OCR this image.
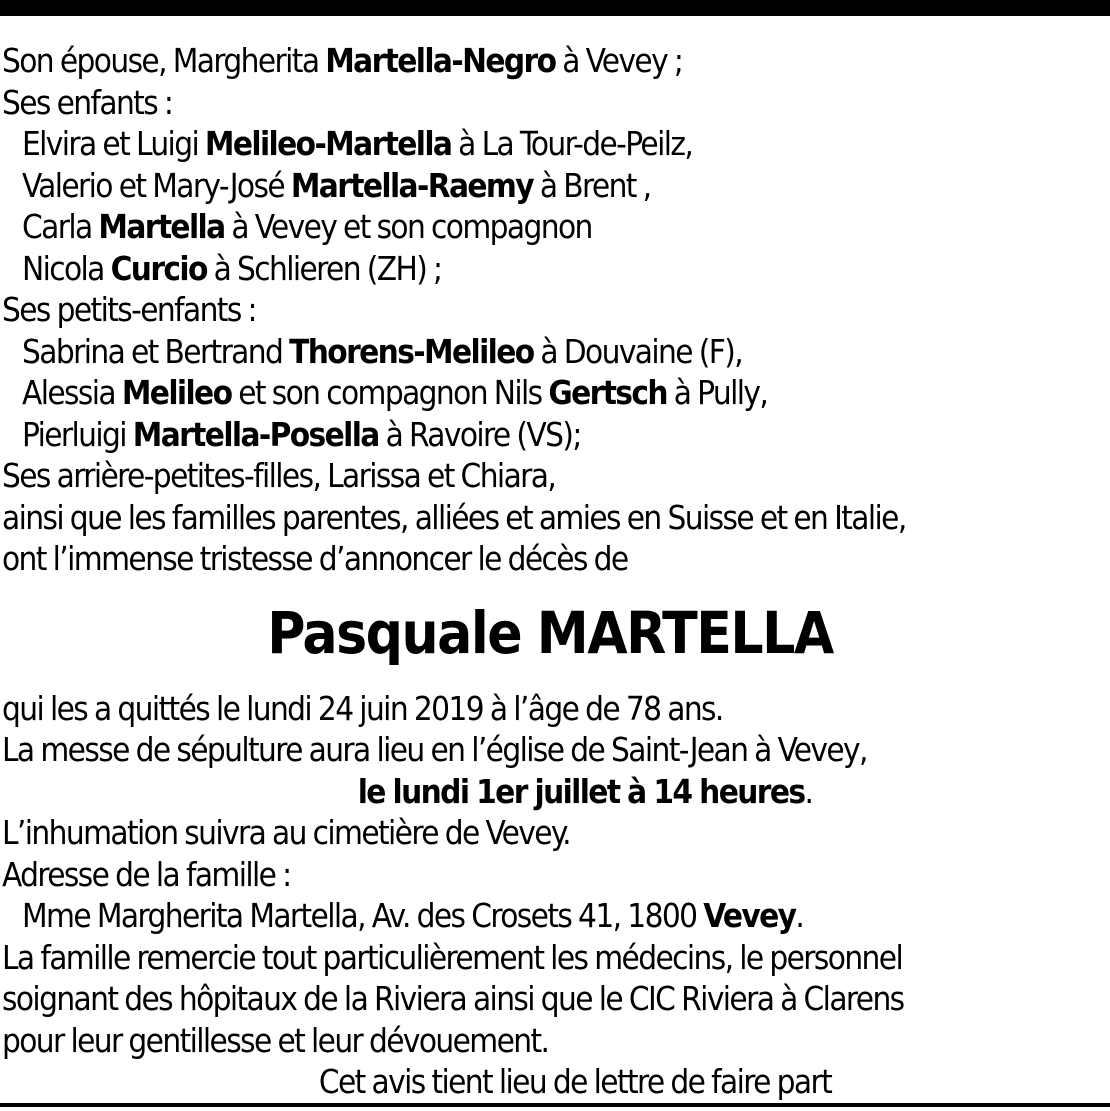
Son épouse, Margherita Martella-Negro à Vevey ;
Ses enfants :
Elvira et Luigi Melileo-Martella à La Tour-de-Peilz,
Valerio et Mary-José Martella-Raemy à Brent ,
Carla Martella à Vevey et son compagnon
Nicola Curcio à Schlieren (ZH) ;
Ses petits-enfants :
Sabrina et Bertrand Thorens-Melileo à Douvaine (F),
Alessia Melileo et son compagnon Nils Gertsch à Pully,
Pierluigi Martella-Posella à Ravoire (VS);
Ses arrière-petites-filles, Larissa et Chiara,
ainsi que les familles parentes, alliées et amies en Suisse et en Italie,
ont l’immense tristesse d’annoncer le décès de
Pasquale MARTELLA
qui les a quittés le lundi 24 juin 2019 à l’âge de 78 ans.
La messe de sépulture aura lieu en l’église de Saint-Jean à Vevey,
le lundi 1er juillet à 14 heures.
L’inhumation suivra au cimetière de Vevey.
Adresse de la famille :
Mme Margherita Martella, Av. des Crosets 41, 1800 Vevey.
La famille remercie tout particulièrement les médecins, le personnel
soignant des hôpitaux de la Riviera ainsi que le CIC Riviera à Clarens
pour leur gentillesse et leur dévouement.
Cet avis tient lieu de lettre de faire part
